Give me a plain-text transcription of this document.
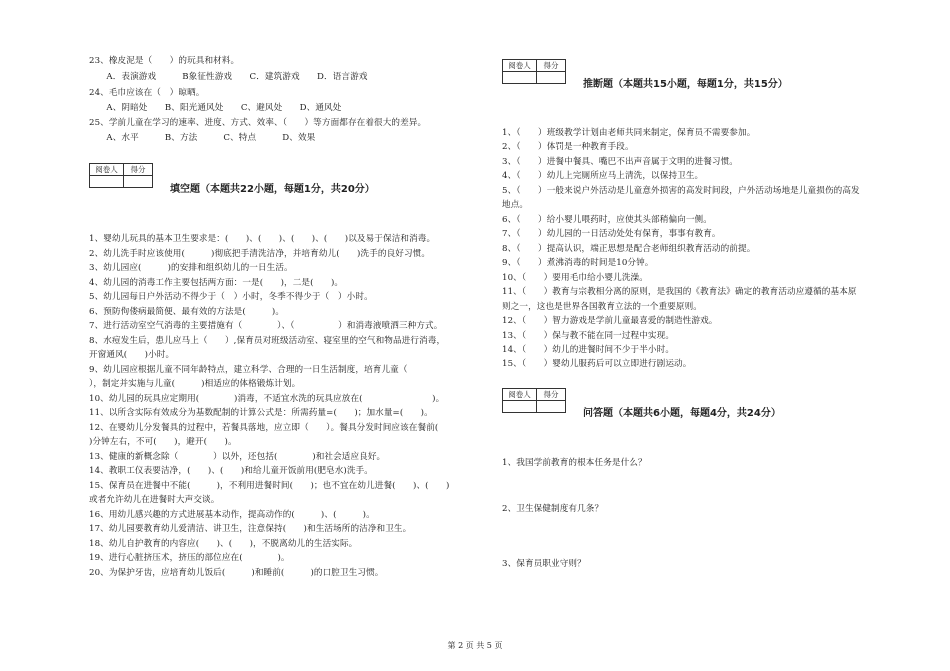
23、橡皮泥是（　　）的玩具和材料。
　　A．表演游戏　　　B象征性游戏　　C．建筑游戏　　D．语言游戏
24、毛巾应该在（　）晾晒。
　　A、阴暗处　　B、阳光通风处　　C、避风处　　D、通风处
25、学前儿童在学习的速率、进度、方式、效率、（　　）等方面都存在着很大的差异。
　　A、水平　　　B、方法　　　C、特点　　　D、效果
阅卷人	得分

填空题（本题共22小题，每题1分，共20分）
1、婴幼儿玩具的基本卫生要求是：(　　)、(　　)、(　　)、(　　)以及易于保洁和消毒。
2、幼儿洗手时应该使用(　　　)彻底把手清洗洁净，并培育幼儿(　　)洗手的良好习惯。
3、幼儿园应(　　　)的安排和组织幼儿的一日生活。
4、幼儿园的消毒工作主要包括两方面：一是(　　)，二是(　　)。
5、幼儿园每日户外活动不得少于（　）小时，冬季不得少于（　）小时。
6、预防佝偻病最简便、最有效的方法是(　　　)。
7、进行活动室空气消毒的主要措施有（　　　　）、（　　　　　）和消毒液喷洒三种方式。
8、水痘发生后，患儿应马上（　　）,保育员对班级活动室、寝室里的空气和物品进行消毒，
开窗通风(　　)小时。
9、幼儿园应根据儿童不同年龄特点，建立科学、合理的一日生活制度，培育儿童（　　
），制定并实施与儿童(　　　)相适应的体格锻炼计划。
10、幼儿园的玩具应定期用(　　　　)消毒，不适宜水洗的玩具应放在(　　　　　　　　)。
11、以所含实际有效成分为基数配制的计算公式是：所需药量=(　　)；加水量=(　　)。
12、在婴幼儿分发餐具的过程中，若餐具落地，应立即（　　）。餐具分发时间应该在餐前(
)分钟左右，不可(　　)，避开(　　)。
13、健康的新概念除（　　　　）以外，还包括(　　　　)和社会适应良好。
14、教职工仪表要洁净，(　　)、(　　)和给儿童开饭前用(肥皂水)洗手。
15、保育员在进餐中不能(　　　)，不利用进餐时间(　　)；也不宜在幼儿进餐(　　)、(　　)
或者允许幼儿在进餐时大声交谈。
16、用幼儿感兴趣的方式进展基本动作，提高动作的(　　　)、(　　　)。
17、幼儿园要教育幼儿爱清洁、讲卫生，注意保持(　　)和生活场所的洁净和卫生。
18、幼儿自护教育的内容应(　　)、(　　)，不脱离幼儿的生活实际。
19、进行心脏挤压术，挤压的部位应在(　　　　)。
20、为保护牙齿，应培育幼儿饭后(　　　)和睡前(　　　)的口腔卫生习惯。
阅卷人	得分

推断题（本题共15小题，每题1分，共15分）
1、（　　）班级教学计划由老师共同来制定，保育员不需要参加。
2、（　　）体罚是一种教育手段。
3、（　　）进餐中餐具、嘴巴不出声音属于文明的进餐习惯。
4、（　　）幼儿上完厕所应马上清洗，以保持卫生。
5、（　　）一般来说户外活动是儿童意外损害的高发时间段，户外活动场地是儿童损伤的高发
地点。
6、（　　）给小婴儿喂药时，应使其头部稍偏向一侧。
7、（　　）幼儿园的一日活动处处有保育，事事有教育。
8、（　　）提高认识，端正思想是配合老师组织教育活动的前提。
9、（　　）煮沸消毒的时间是10分钟。
10、（　　）要用毛巾给小婴儿洗澡。
11、（　　）教育与宗教相分离的原则，是我国的《教育法》确定的教育活动应遵循的基本原
则之一，这也是世界各国教育立法的一个重要原则。
12、（　　）智力游戏是学前儿童最喜爱的制造性游戏。
13、（　　）保与教不能在同一过程中实现。
14、（　　）幼儿的进餐时间不少于半小时。
15、（　　）婴幼儿服药后可以立即进行剧运动。
阅卷人	得分

问答题（本题共6小题，每题4分，共24分）
1、我国学前教育的根本任务是什么？
2、卫生保健制度有几条？
3、保育员职业守则？
第 2 页 共 5 页
